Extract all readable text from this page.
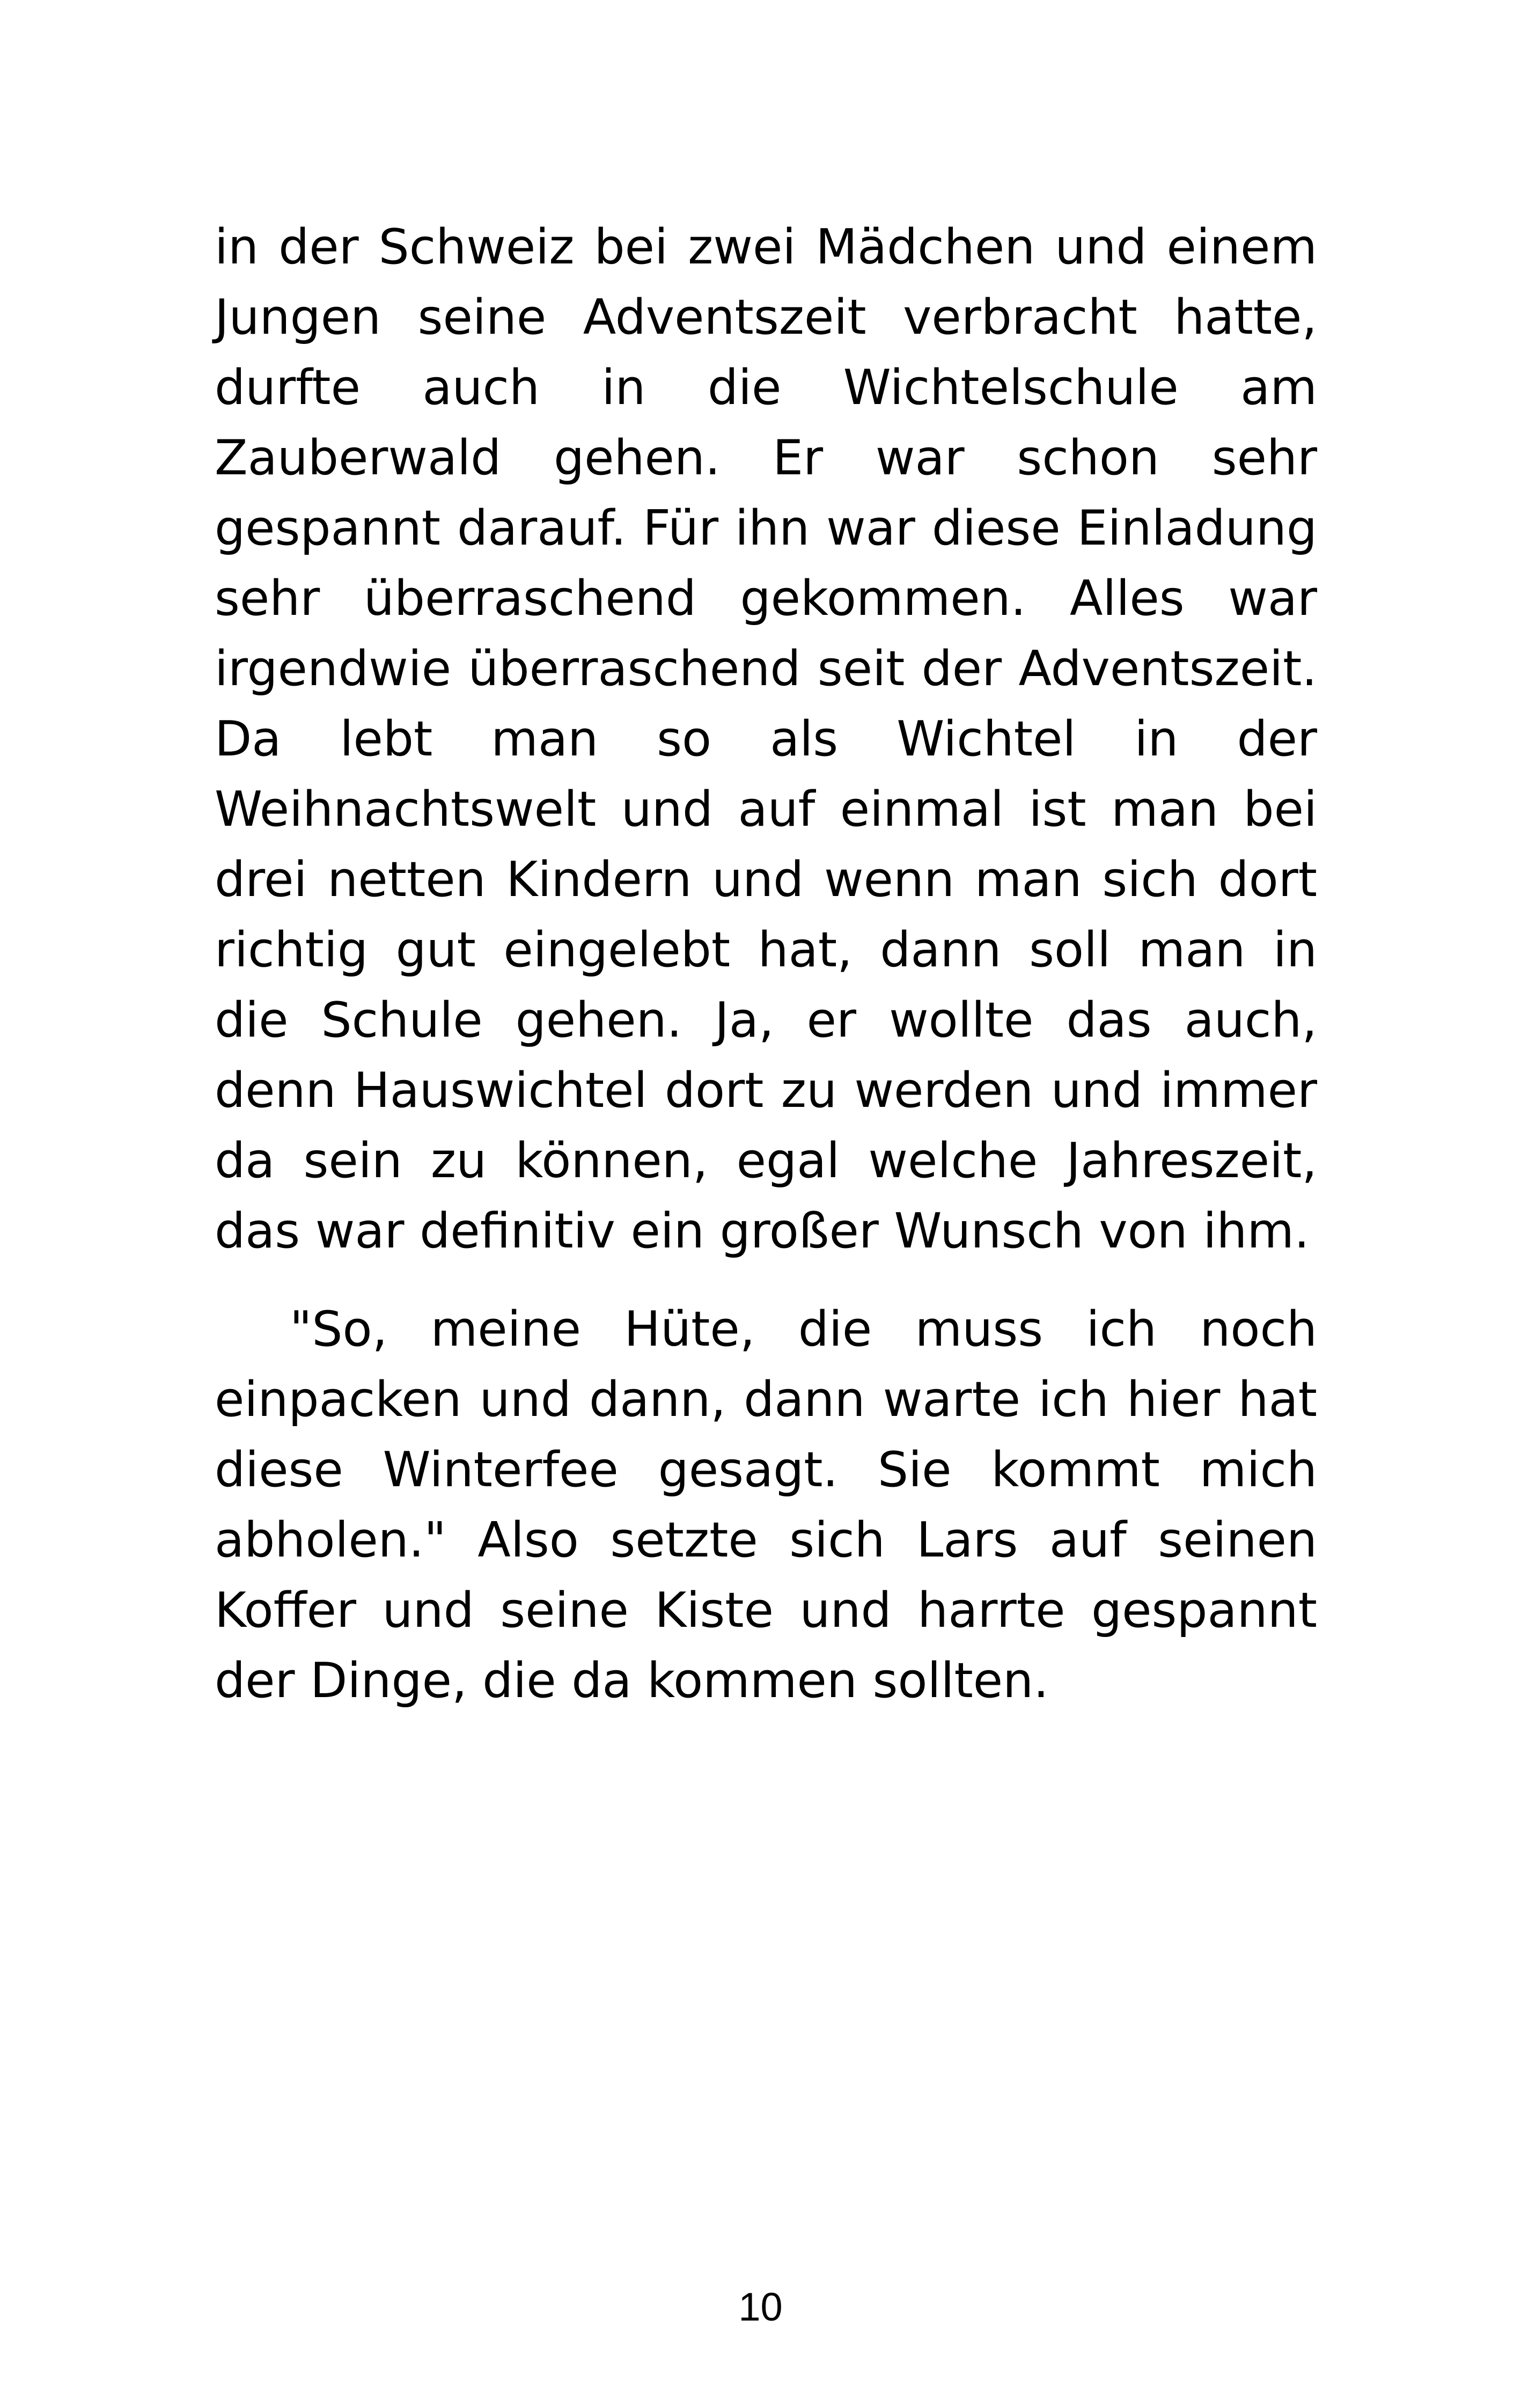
in der Schweiz bei zwei Mädchen und einem Jungen seine Adventszeit verbracht hatte, durfte auch in die Wichtelschule am Zauberwald gehen. Er war schon sehr gespannt darauf. Für ihn war diese Einladung sehr überraschend gekommen. Alles war irgendwie überraschend seit der Adventszeit. Da lebt man so als Wichtel in der Weihnachtswelt und auf einmal ist man bei drei netten Kindern und wenn man sich dort richtig gut eingelebt hat, dann soll man in die Schule gehen. Ja, er wollte das auch, denn Hauswichtel dort zu werden und immer da sein zu können, egal welche Jahreszeit, das war definitiv ein großer Wunsch von ihm.

"So, meine Hüte, die muss ich noch einpacken und dann, dann warte ich hier hat diese Winterfee gesagt. Sie kommt mich abholen." Also setzte sich Lars auf seinen Koffer und seine Kiste und harrte gespannt der Dinge, die da kommen sollten.

10
